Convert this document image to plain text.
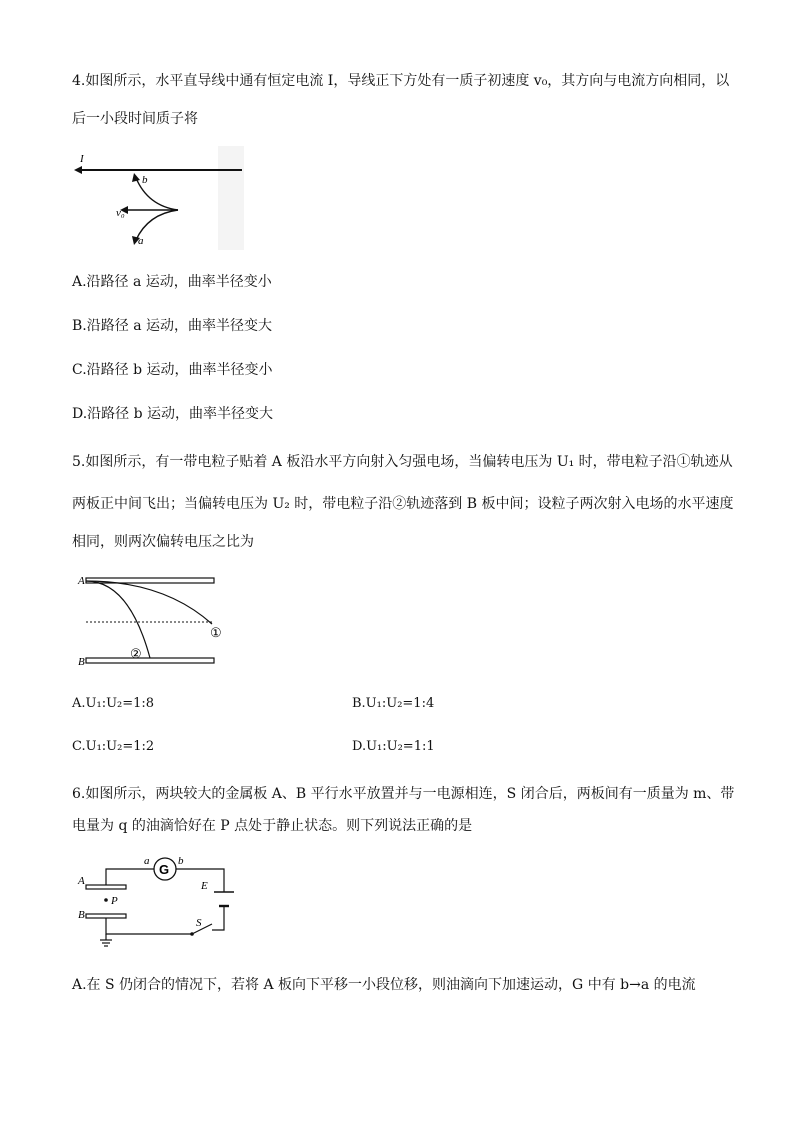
4.如图所示，水平直导线中通有恒定电流 I，导线正下方处有一质子初速度 v₀，其方向与电流方向相同，以
后一小段时间质子将
I
b
v₀
a
A.沿路径 a 运动，曲率半径变小
B.沿路径 a 运动，曲率半径变大
C.沿路径 b 运动，曲率半径变小
D.沿路径 b 运动，曲率半径变大
5.如图所示，有一带电粒子贴着 A 板沿水平方向射入匀强电场，当偏转电压为 U₁ 时，带电粒子沿①轨迹从
两板正中间飞出；当偏转电压为 U₂ 时，带电粒子沿②轨迹落到 B 板中间；设粒子两次射入电场的水平速度
相同，则两次偏转电压之比为
A
B
①
②
A.U₁:U₂=1:8	B.U₁:U₂=1:4
C.U₁:U₂=1:2	D.U₁:U₂=1:1
6.如图所示，两块较大的金属板 A、B 平行水平放置并与一电源相连，S 闭合后，两板间有一质量为 m、带
电量为 q 的油滴恰好在 P 点处于静止状态。则下列说法正确的是
G
a	b
A
P
B
E
S
A.在 S 仍闭合的情况下，若将 A 板向下平移一小段位移，则油滴向下加速运动，G 中有 b→a 的电流
